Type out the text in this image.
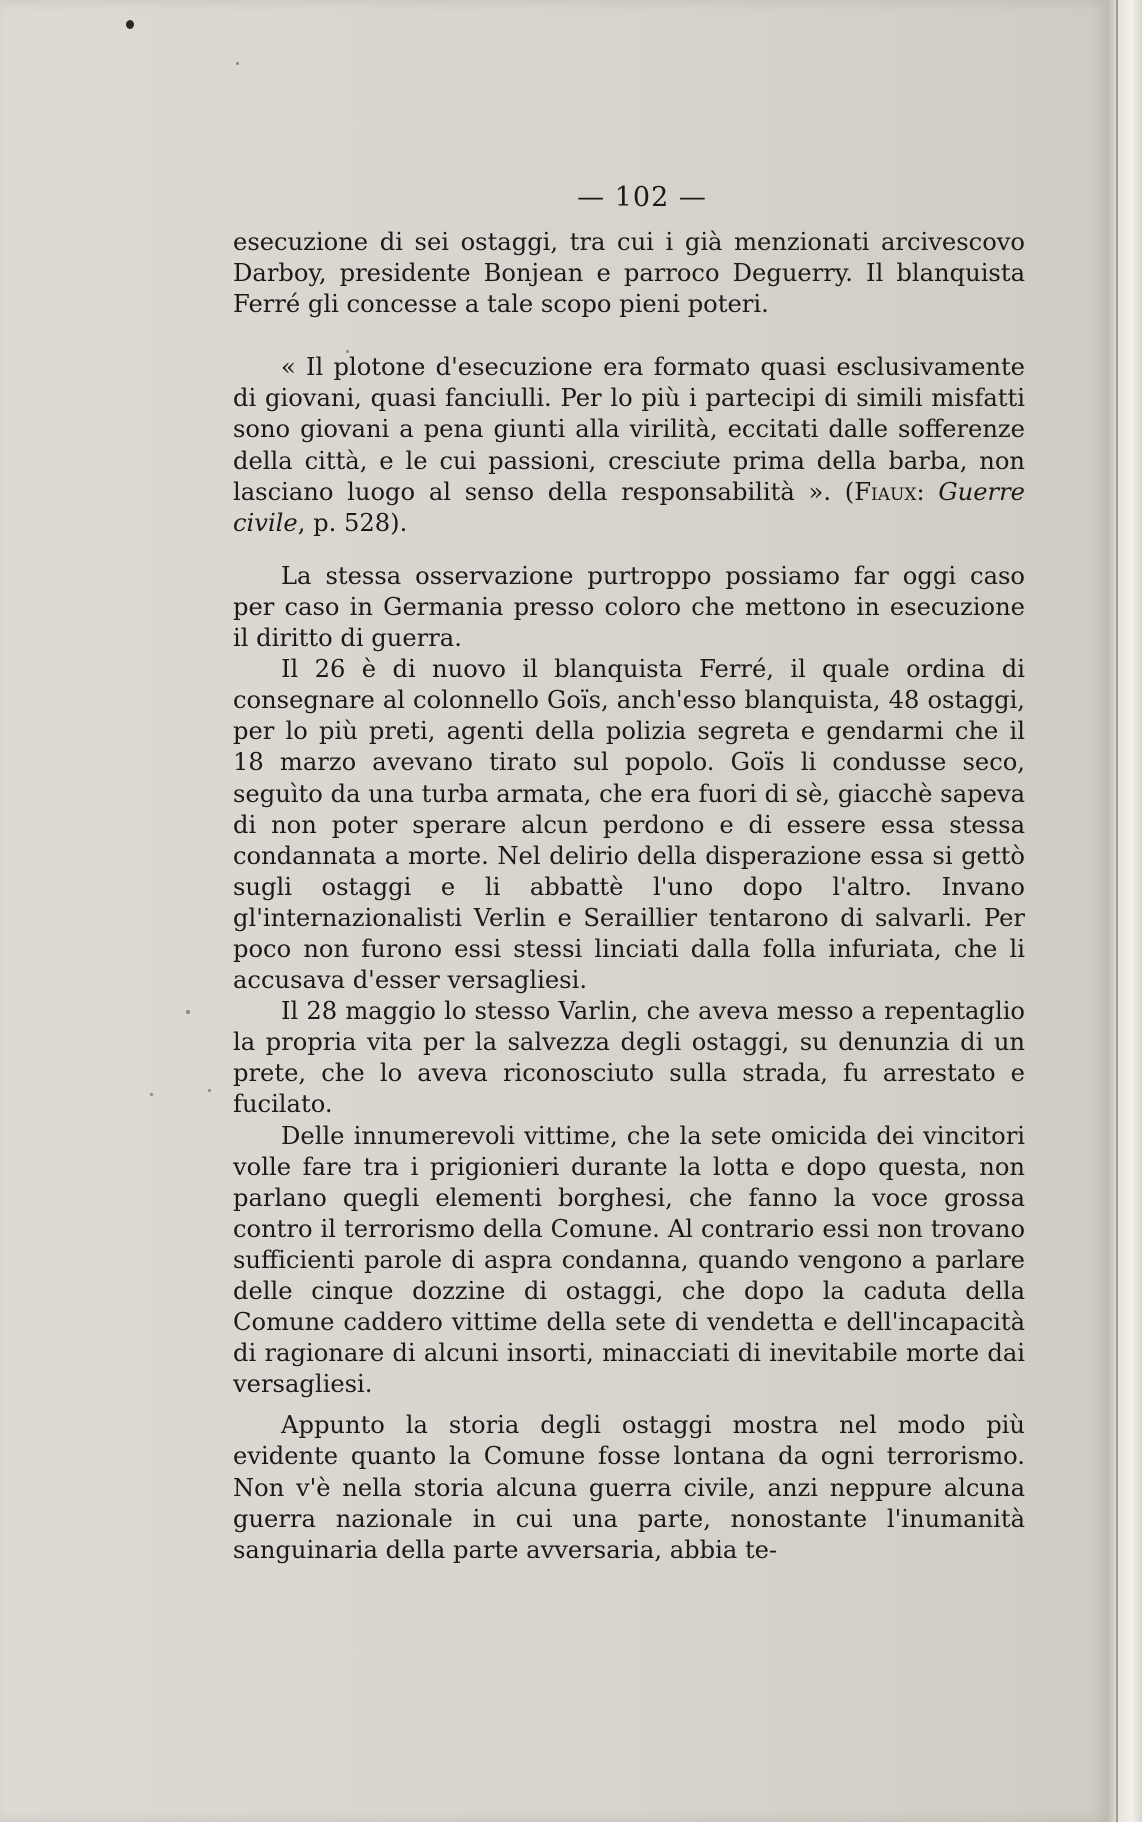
— 102 —

esecuzione di sei ostaggi, tra cui i già menzionati arcivescovo Darboy, presidente Bonjean e parroco Deguerry. Il blanquista Ferré gli concesse a tale scopo pieni poteri.

« Il plotone d'esecuzione era formato quasi esclusivamente di giovani, quasi fanciulli. Per lo più i partecipi di simili misfatti sono giovani a pena giunti alla virilità, eccitati dalle sofferenze della città, e le cui passioni, cresciute prima della barba, non lasciano luogo al senso della responsabilità ». (Fiaux: Guerre civile, p. 528).

La stessa osservazione purtroppo possiamo far oggi caso per caso in Germania presso coloro che mettono in esecuzione il diritto di guerra.

Il 26 è di nuovo il blanquista Ferré, il quale ordina di consegnare al colonnello Goïs, anch'esso blanquista, 48 ostaggi, per lo più preti, agenti della polizia segreta e gendarmi che il 18 marzo avevano tirato sul popolo. Goïs li condusse seco, seguìto da una turba armata, che era fuori di sè, giacchè sapeva di non poter sperare alcun perdono e di essere essa stessa condannata a morte. Nel delirio della disperazione essa si gettò sugli ostaggi e li abbattè l'uno dopo l'altro. Invano gl'internazionalisti Verlin e Seraillier tentarono di salvarli. Per poco non furono essi stessi linciati dalla folla infuriata, che li accusava d'esser versagliesi.

Il 28 maggio lo stesso Varlin, che aveva messo a repentaglio la propria vita per la salvezza degli ostaggi, su denunzia di un prete, che lo aveva riconosciuto sulla strada, fu arrestato e fucilato.

Delle innumerevoli vittime, che la sete omicida dei vincitori volle fare tra i prigionieri durante la lotta e dopo questa, non parlano quegli elementi borghesi, che fanno la voce grossa contro il terrorismo della Comune. Al contrario essi non trovano sufficienti parole di aspra condanna, quando vengono a parlare delle cinque dozzine di ostaggi, che dopo la caduta della Comune caddero vittime della sete di vendetta e dell'incapacità di ragionare di alcuni insorti, minacciati di inevitabile morte dai versagliesi.

Appunto la storia degli ostaggi mostra nel modo più evidente quanto la Comune fosse lontana da ogni terrorismo. Non v'è nella storia alcuna guerra civile, anzi neppure alcuna guerra nazionale in cui una parte, nonostante l'inumanità sanguinaria della parte avversaria, abbia te-
